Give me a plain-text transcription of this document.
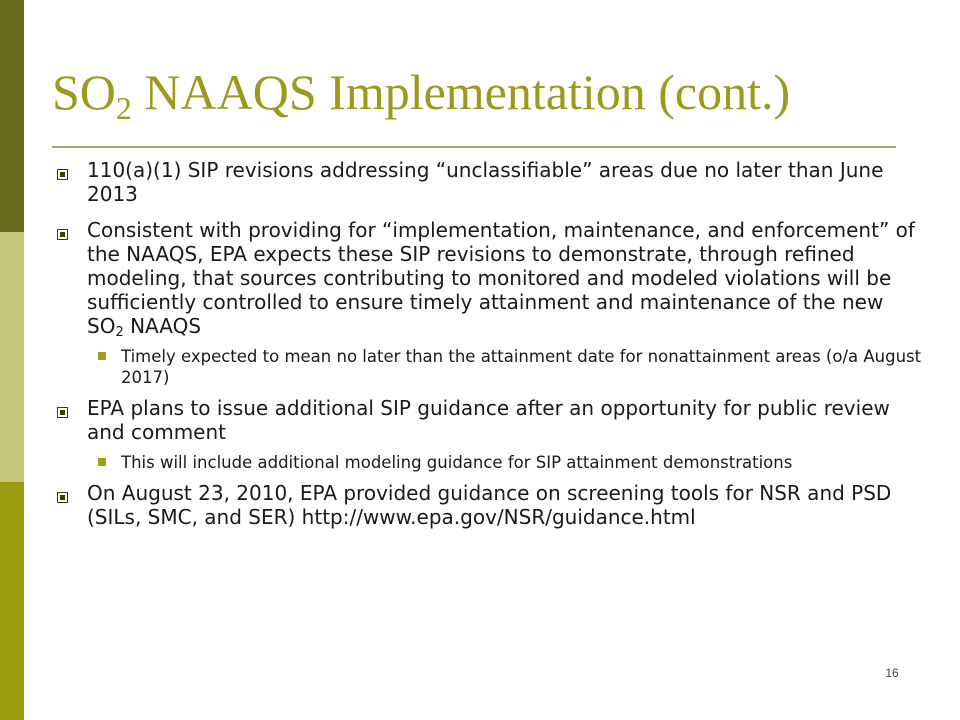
$SO_2$ NAAQS Implementation (cont.)
110(a)(1) SIP revisions addressing “unclassifiable” areas due no later than June 2013
Consistent with providing for “implementation, maintenance, and enforcement” of the NAAQS, EPA expects these SIP revisions to demonstrate, through refined modeling, that sources contributing to monitored and modeled violations will be sufficiently controlled to ensure timely attainment and maintenance of the new $SO_2$ NAAQS
Timely expected to mean no later than the attainment date for nonattainment areas (o/a August 2017)
EPA plans to issue additional SIP guidance after an opportunity for public review and comment
This will include additional modeling guidance for SIP attainment demonstrations
On August 23, 2010, EPA provided guidance on screening tools for NSR and PSD (SILs, SMC, and SER) http://www.epa.gov/NSR/guidance.html
16
